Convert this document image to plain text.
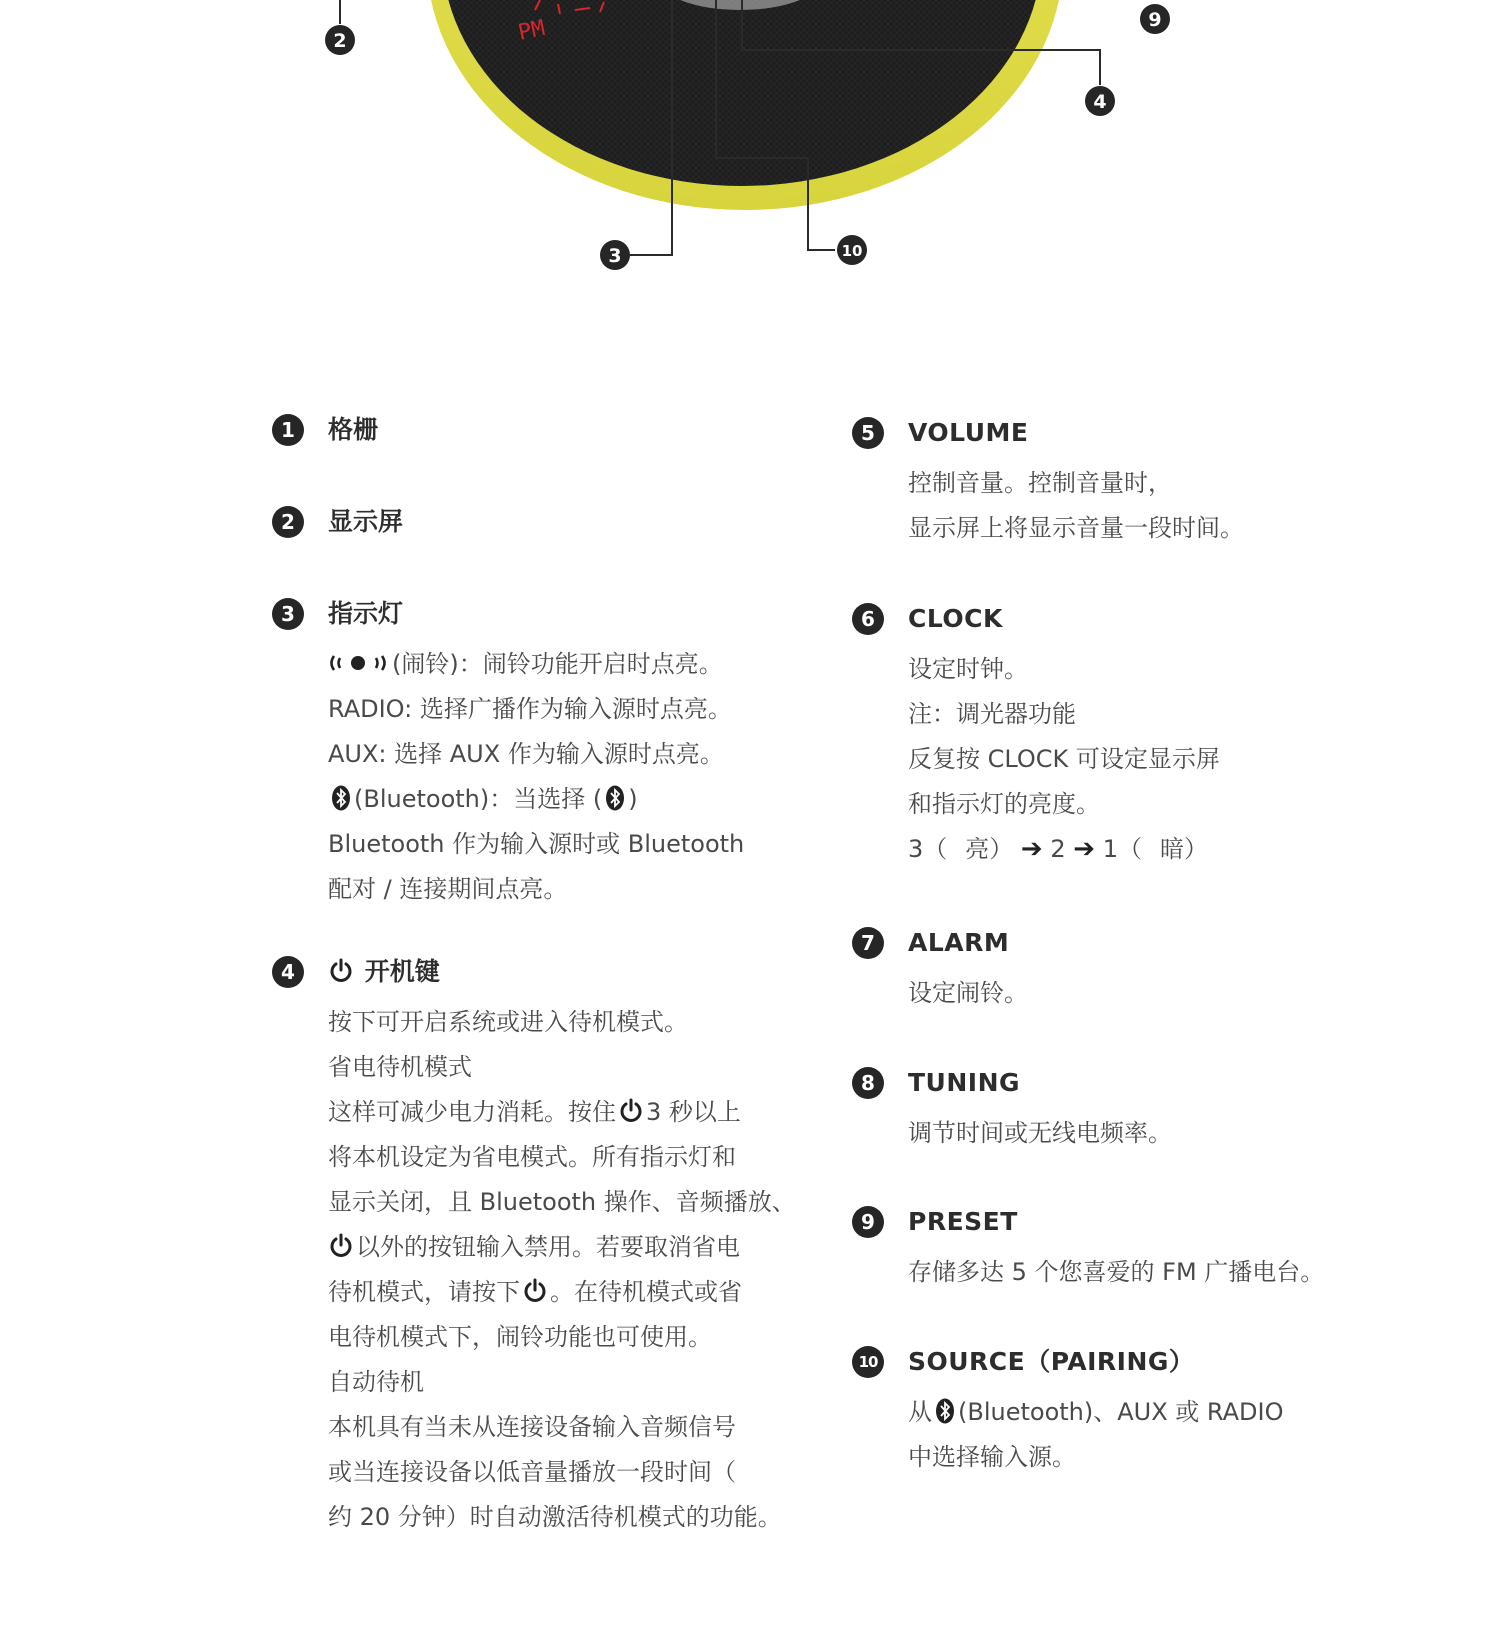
PM
2
3	10
4
9
1	格栅
2	显示屏
3	指示灯
(闹铃)：闹铃功能开启时点亮。
RADIO: 选择广播作为输入源时点亮。
AUX: 选择 AUX 作为输入源时点亮。
(Bluetooth)：当选择 ( )
Bluetooth 作为输入源时或 Bluetooth
配对 / 连接期间点亮。
4	开机键
按下可开启系统或进入待机模式。
省电待机模式
这样可减少电力消耗。按住 3 秒以上
将本机设定为省电模式。所有指示灯和
显示关闭，且 Bluetooth 操作、音频播放、
以外的按钮输入禁用。若要取消省电
待机模式，请按下 。在待机模式或省
电待机模式下，闹铃功能也可使用。
自动待机
本机具有当未从连接设备输入音频信号
或当连接设备以低音量播放一段时间（
约 20 分钟）时自动激活待机模式的功能。
5	VOLUME
控制音量。控制音量时，
显示屏上将显示音量一段时间。
6	CLOCK
设定时钟。
注：调光器功能
反复按 CLOCK 可设定显示屏
和指示灯的亮度。
3（ 亮） ➔ 2 ➔ 1（ 暗）
7	ALARM
设定闹铃。
8	TUNING
调节时间或无线电频率。
9	PRESET
存储多达 5 个您喜爱的 FM 广播电台。
10 SOURCE（PAIRING）
从 (Bluetooth)、AUX 或 RADIO
中选择输入源。
